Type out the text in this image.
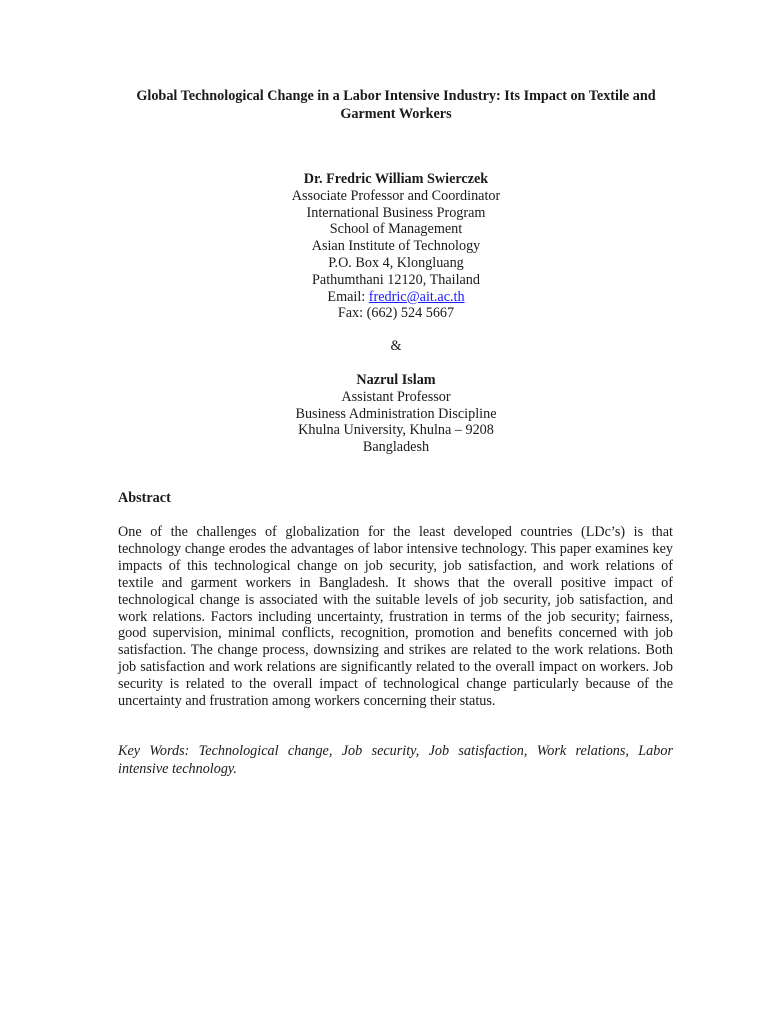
Global Technological Change in a Labor Intensive Industry: Its Impact on Textile and
Garment Workers
Dr. Fredric William Swierczek
Associate Professor and Coordinator
International Business Program
School of Management
Asian Institute of Technology
P.O. Box 4, Klongluang
Pathumthani 12120, Thailand
Email: fredric@ait.ac.th
Fax: (662) 524 5667
&
Nazrul Islam
Assistant Professor
Business Administration Discipline
Khulna University, Khulna – 9208
Bangladesh
Abstract
One of the challenges of globalization for the least developed countries (LDc’s) is that
technology change erodes the advantages of labor intensive technology. This paper examines key
impacts of this technological change on job security, job satisfaction, and work relations of
textile and garment workers in Bangladesh. It shows that the overall positive impact of
technological change is associated with the suitable levels of job security, job satisfaction, and
work relations. Factors including uncertainty, frustration in terms of the job security; fairness,
good supervision, minimal conflicts, recognition, promotion and benefits concerned with job
satisfaction. The change process, downsizing and strikes are related to the work relations. Both
job satisfaction and work relations are significantly related to the overall impact on workers. Job
security is related to the overall impact of technological change particularly because of the
uncertainty and frustration among workers concerning their status.
Key Words: Technological change, Job security, Job satisfaction, Work relations, Labor
intensive technology.
